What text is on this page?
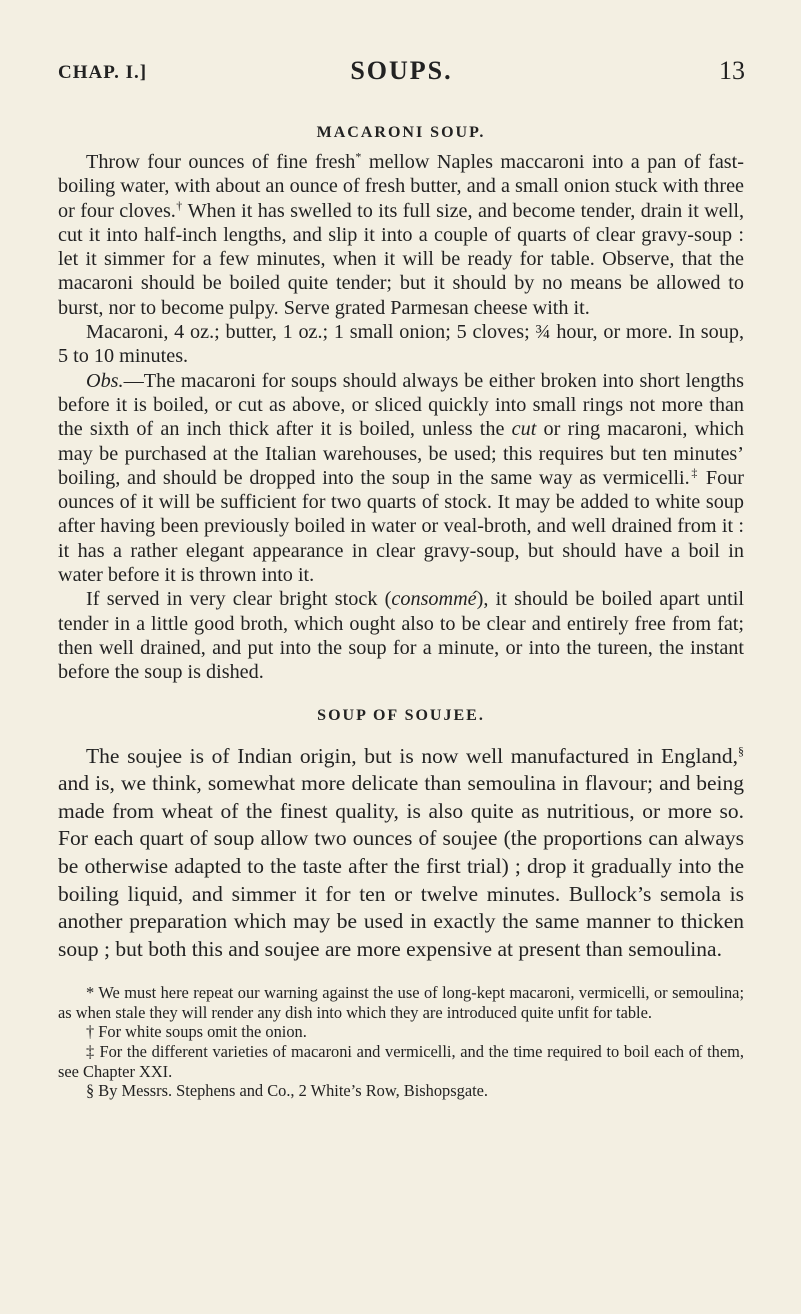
CHAP. I.]	SOUPS.	13
MACARONI SOUP.

Throw four ounces of fine fresh* mellow Naples maccaroni into a pan of fast-boiling water, with about an ounce of fresh butter, and a small onion stuck with three or four cloves.† When it has swelled to its full size, and become tender, drain it well, cut it into half-inch lengths, and slip it into a couple of quarts of clear gravy-soup : let it simmer for a few minutes, when it will be ready for table. Observe, that the macaroni should be boiled quite tender; but it should by no means be allowed to burst, nor to become pulpy. Serve grated Parmesan cheese with it.

Macaroni, 4 oz.; butter, 1 oz.; 1 small onion; 5 cloves; ¾ hour, or more. In soup, 5 to 10 minutes.

Obs.—The macaroni for soups should always be either broken into short lengths before it is boiled, or cut as above, or sliced quickly into small rings not more than the sixth of an inch thick after it is boiled, unless the cut or ring macaroni, which may be purchased at the Italian warehouses, be used; this requires but ten minutes’ boiling, and should be dropped into the soup in the same way as vermicelli.‡ Four ounces of it will be sufficient for two quarts of stock. It may be added to white soup after having been previously boiled in water or veal-broth, and well drained from it : it has a rather elegant appearance in clear gravy-soup, but should have a boil in water before it is thrown into it.

If served in very clear bright stock (consommé), it should be boiled apart until tender in a little good broth, which ought also to be clear and entirely free from fat; then well drained, and put into the soup for a minute, or into the tureen, the instant before the soup is dished.

SOUP OF SOUJEE.

The soujee is of Indian origin, but is now well manufactured in England,§ and is, we think, somewhat more delicate than semoulina in flavour; and being made from wheat of the finest quality, is also quite as nutritious, or more so. For each quart of soup allow two ounces of soujee (the proportions can always be otherwise adapted to the taste after the first trial) ; drop it gradually into the boiling liquid, and simmer it for ten or twelve minutes. Bullock’s semola is another preparation which may be used in exactly the same manner to thicken soup ; but both this and soujee are more expensive at present than semoulina.

* We must here repeat our warning against the use of long-kept macaroni, vermicelli, or semoulina; as when stale they will render any dish into which they are introduced quite unfit for table.

† For white soups omit the onion.

‡ For the different varieties of macaroni and vermicelli, and the time required to boil each of them, see Chapter XXI.

§ By Messrs. Stephens and Co., 2 White’s Row, Bishopsgate.
